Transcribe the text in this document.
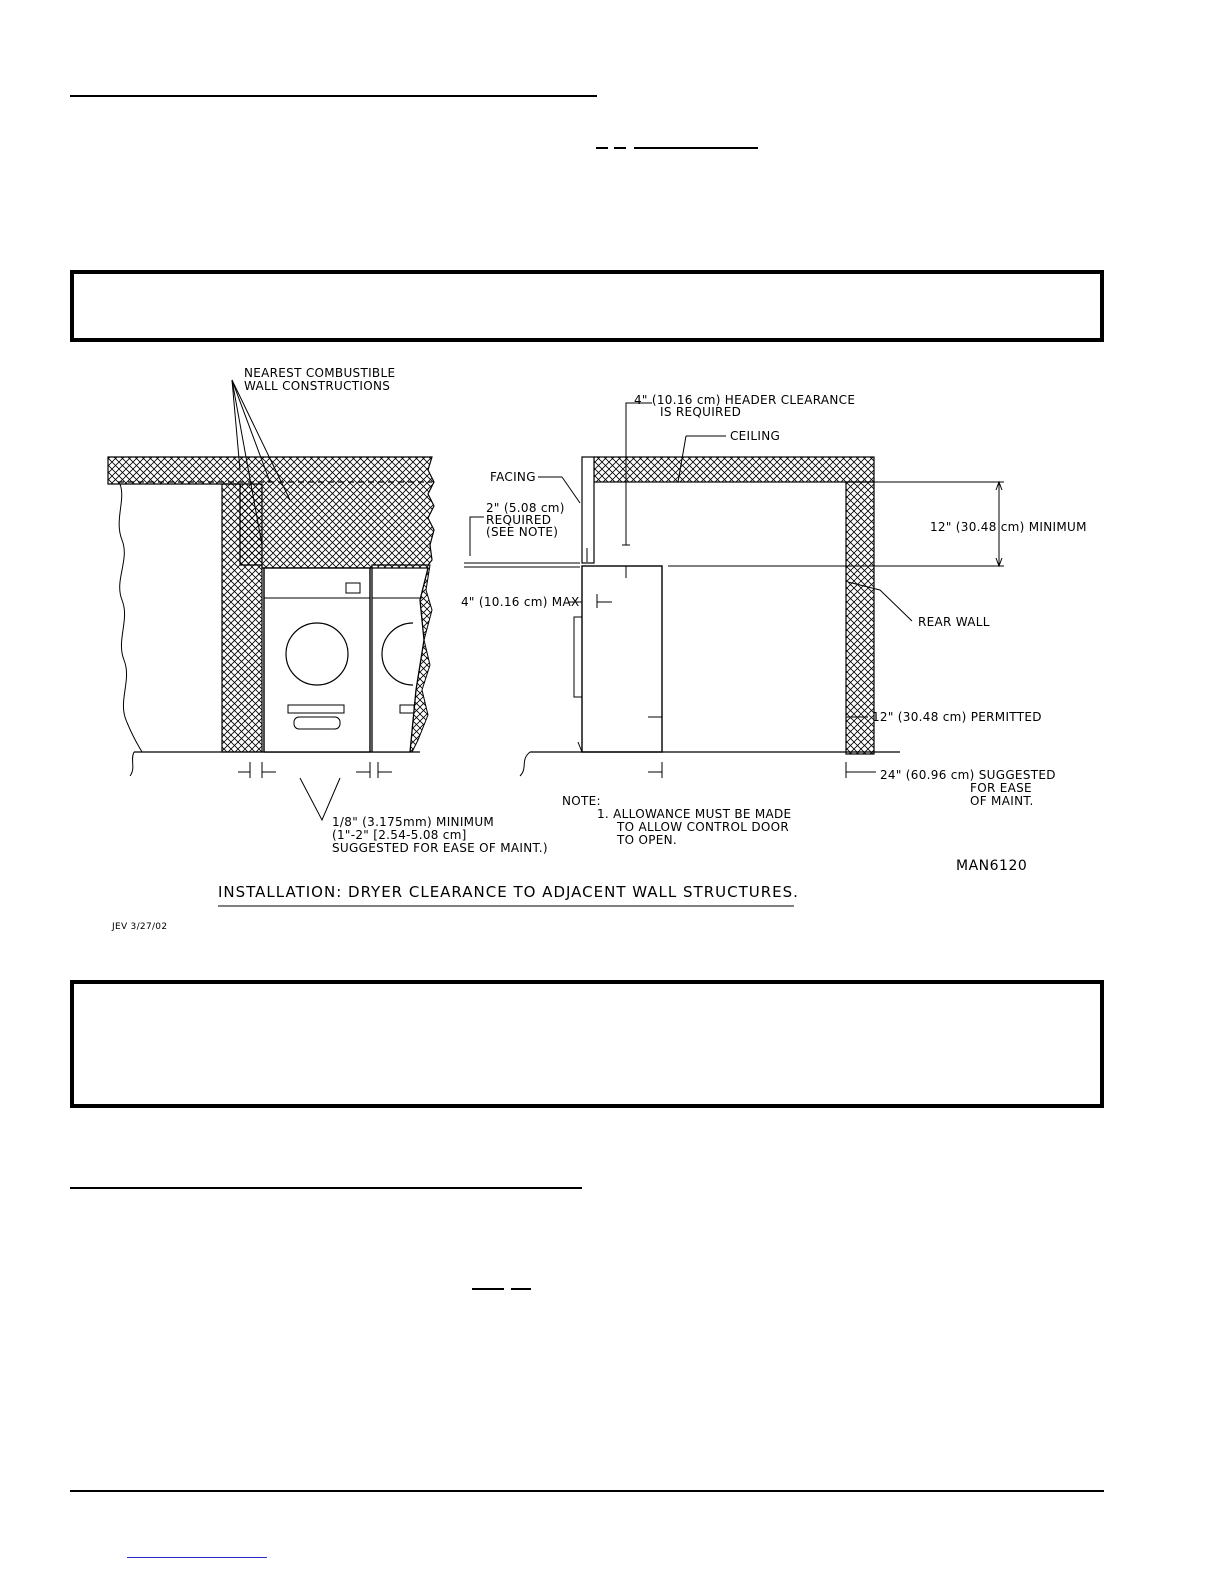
NEAREST COMBUSTIBLE
WALL CONSTRUCTIONS
4" (10.16 cm) HEADER CLEARANCE
IS REQUIRED
CEILING
FACING
2" (5.08 cm)
REQUIRED
(SEE NOTE)	12" (30.48 cm) MINIMUM
4" (10.16 cm) MAX
REAR WALL
12" (30.48 cm) PERMITTED
24" (60.96 cm) SUGGESTED
FOR EASE
OF MAINT.
1/8" (3.175mm) MINIMUM
(1"-2" [2.54-5.08 cm]
SUGGESTED FOR EASE OF MAINT.)
NOTE:
1. ALLOWANCE MUST BE MADE
TO ALLOW CONTROL DOOR
TO OPEN.
MAN6120
INSTALLATION: DRYER CLEARANCE TO ADJACENT WALL STRUCTURES.
JEV 3/27/02
